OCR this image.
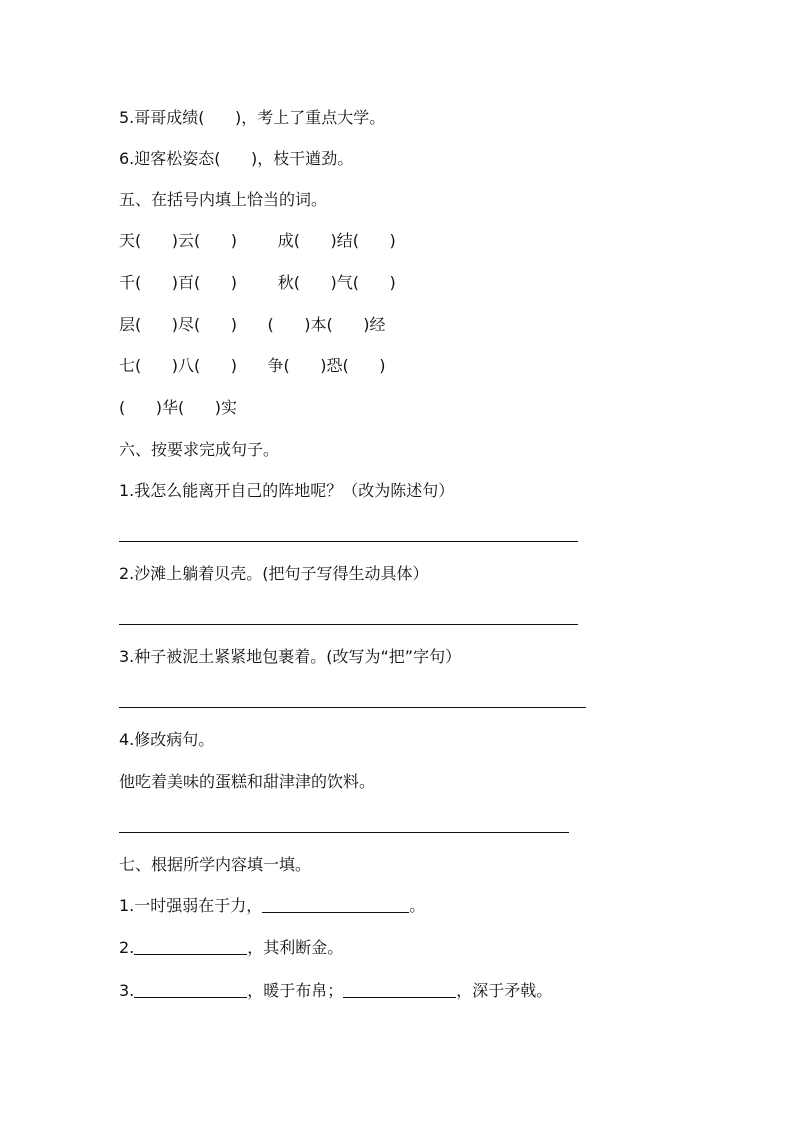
5.哥哥成绩(      )，考上了重点大学。
6.迎客松姿态(      )，枝干遒劲。
五、在括号内填上恰当的词。
天(      )云(      )        成(      )结(      )
千(      )百(      )        秋(      )气(      )
层(      )尽(      )      (      )本(      )经
七(      )八(      )      争(      )恐(      )
(      )华(      )实
六、按要求完成句子。
1.我怎么能离开自己的阵地呢？（改为陈述句）
2.沙滩上躺着贝壳。(把句子写得生动具体）
3.种子被泥土紧紧地包裹着。(改写为“把”字句）
4.修改病句。
他吃着美味的蛋糕和甜津津的饮料。
七、根据所学内容填一填。
1.一时强弱在于力，	。
2.	，其利断金。
3.	，暖于布帛；	，深于矛戟。
